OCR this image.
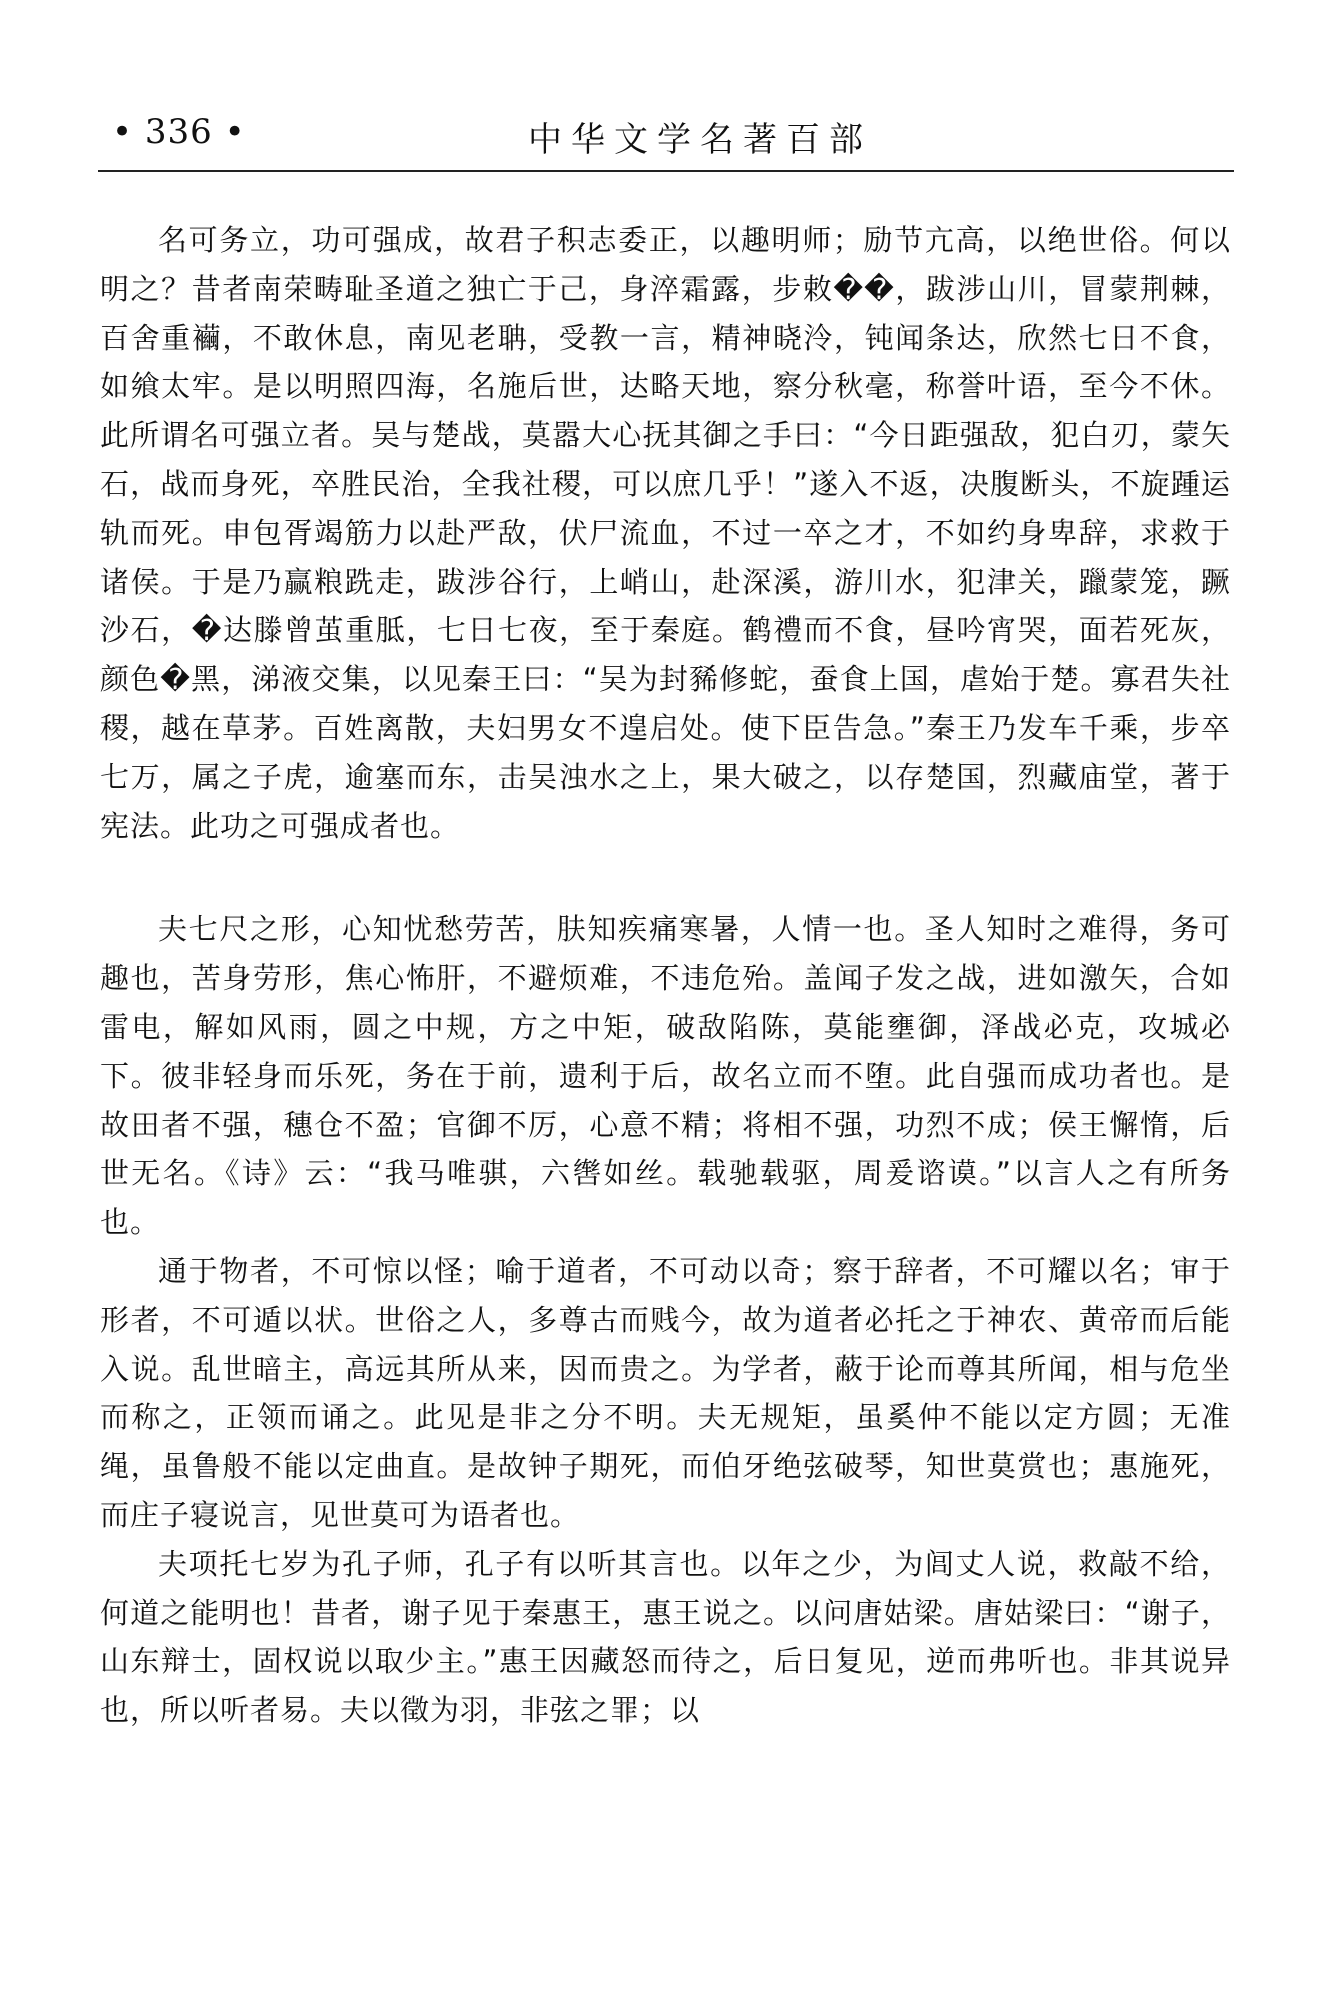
• 336 •	中华文学名著百部

名可务立，功可强成，故君子积志委正，以趣明师；励节亢高，以绝世俗。何以明之？昔者南荣畴耻圣道之独亡于己，身淬霜露，步敕��，跋涉山川，冒蒙荆棘，百舍重襺，不敢休息，南见老聃，受教一言，精神晓泠，钝闻条达，欣然七日不食，如飨太牢。是以明照四海，名施后世，达略天地，察分秋毫，称誉叶语，至今不休。此所谓名可强立者。吴与楚战，莫嚣大心抚其御之手曰：“今日距强敌，犯白刃，蒙矢石，战而身死，卒胜民治，全我社稷，可以庶几乎！”遂入不返，决腹断头，不旋踵运轨而死。申包胥竭筋力以赴严敌，伏尸流血，不过一卒之才，不如约身卑辞，求救于诸侯。于是乃赢粮跣走，跋涉谷行，上峭山，赴深溪，游川水，犯津关，躐蒙笼，蹶沙石，�达滕曾茧重胝，七日七夜，至于秦庭。鹤禮而不食，昼吟宵哭，面若死灰，颜色�黑，涕液交集，以见秦王曰：“吴为封豨修蛇，蚕食上国，虐始于楚。寡君失社稷，越在草茅。百姓离散，夫妇男女不遑启处。使下臣告急。”秦王乃发车千乘，步卒七万，属之子虎，逾塞而东，击吴浊水之上，果大破之，以存楚国，烈藏庙堂，著于宪法。此功之可强成者也。

夫七尺之形，心知忧愁劳苦，肤知疾痛寒暑，人情一也。圣人知时之难得，务可趣也，苦身劳形，焦心怖肝，不避烦难，不违危殆。盖闻子发之战，进如激矢，合如雷电，解如风雨，圆之中规，方之中矩，破敌陷陈，莫能壅御，泽战必克，攻城必下。彼非轻身而乐死，务在于前，遗利于后，故名立而不堕。此自强而成功者也。是故田者不强，穗仓不盈；官御不厉，心意不精；将相不强，功烈不成；侯王懈惰，后世无名。《诗》云：“我马唯骐，六辔如丝。载驰载驱，周爰谘谟。”以言人之有所务也。

通于物者，不可惊以怪；喻于道者，不可动以奇；察于辞者，不可耀以名；审于形者，不可遁以状。世俗之人，多尊古而贱今，故为道者必托之于神农、黄帝而后能入说。乱世暗主，高远其所从来，因而贵之。为学者，蔽于论而尊其所闻，相与危坐而称之，正领而诵之。此见是非之分不明。夫无规矩，虽奚仲不能以定方圆；无准绳，虽鲁般不能以定曲直。是故钟子期死，而伯牙绝弦破琴，知世莫赏也；惠施死，而庄子寝说言，见世莫可为语者也。

夫项托七岁为孔子师，孔子有以听其言也。以年之少，为闾丈人说，救敲不给，何道之能明也！昔者，谢子见于秦惠王，惠王说之。以问唐姑梁。唐姑梁曰：“谢子，山东辩士，固权说以取少主。”惠王因藏怒而待之，后日复见，逆而弗听也。非其说异也，所以听者易。夫以徵为羽，非弦之罪；以
